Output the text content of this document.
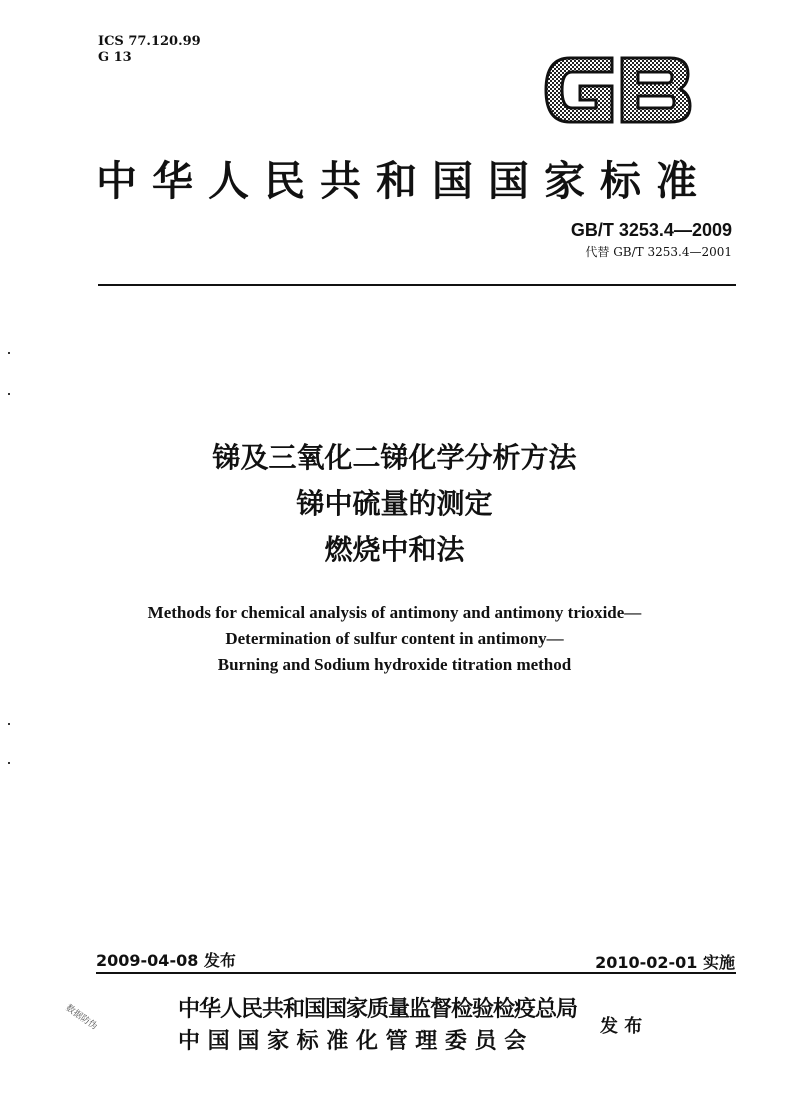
ICS 77.120.99
G 13	GB
中华人民共和国国家标准
GB/T 3253.4—2009
代替 GB/T 3253.4—2001
锑及三氧化二锑化学分析方法
锑中硫量的测定
燃烧中和法
Methods for chemical analysis of antimony and antimony trioxide—
Determination of sulfur content in antimony—
Burning and Sodium hydroxide titration method
2009-04-08 发布	2010-02-01 实施
中华人民共和国国家质量监督检验检疫总局
中 国 国 家 标 准 化 管 理 委 员 会
发 布
数据防伪
